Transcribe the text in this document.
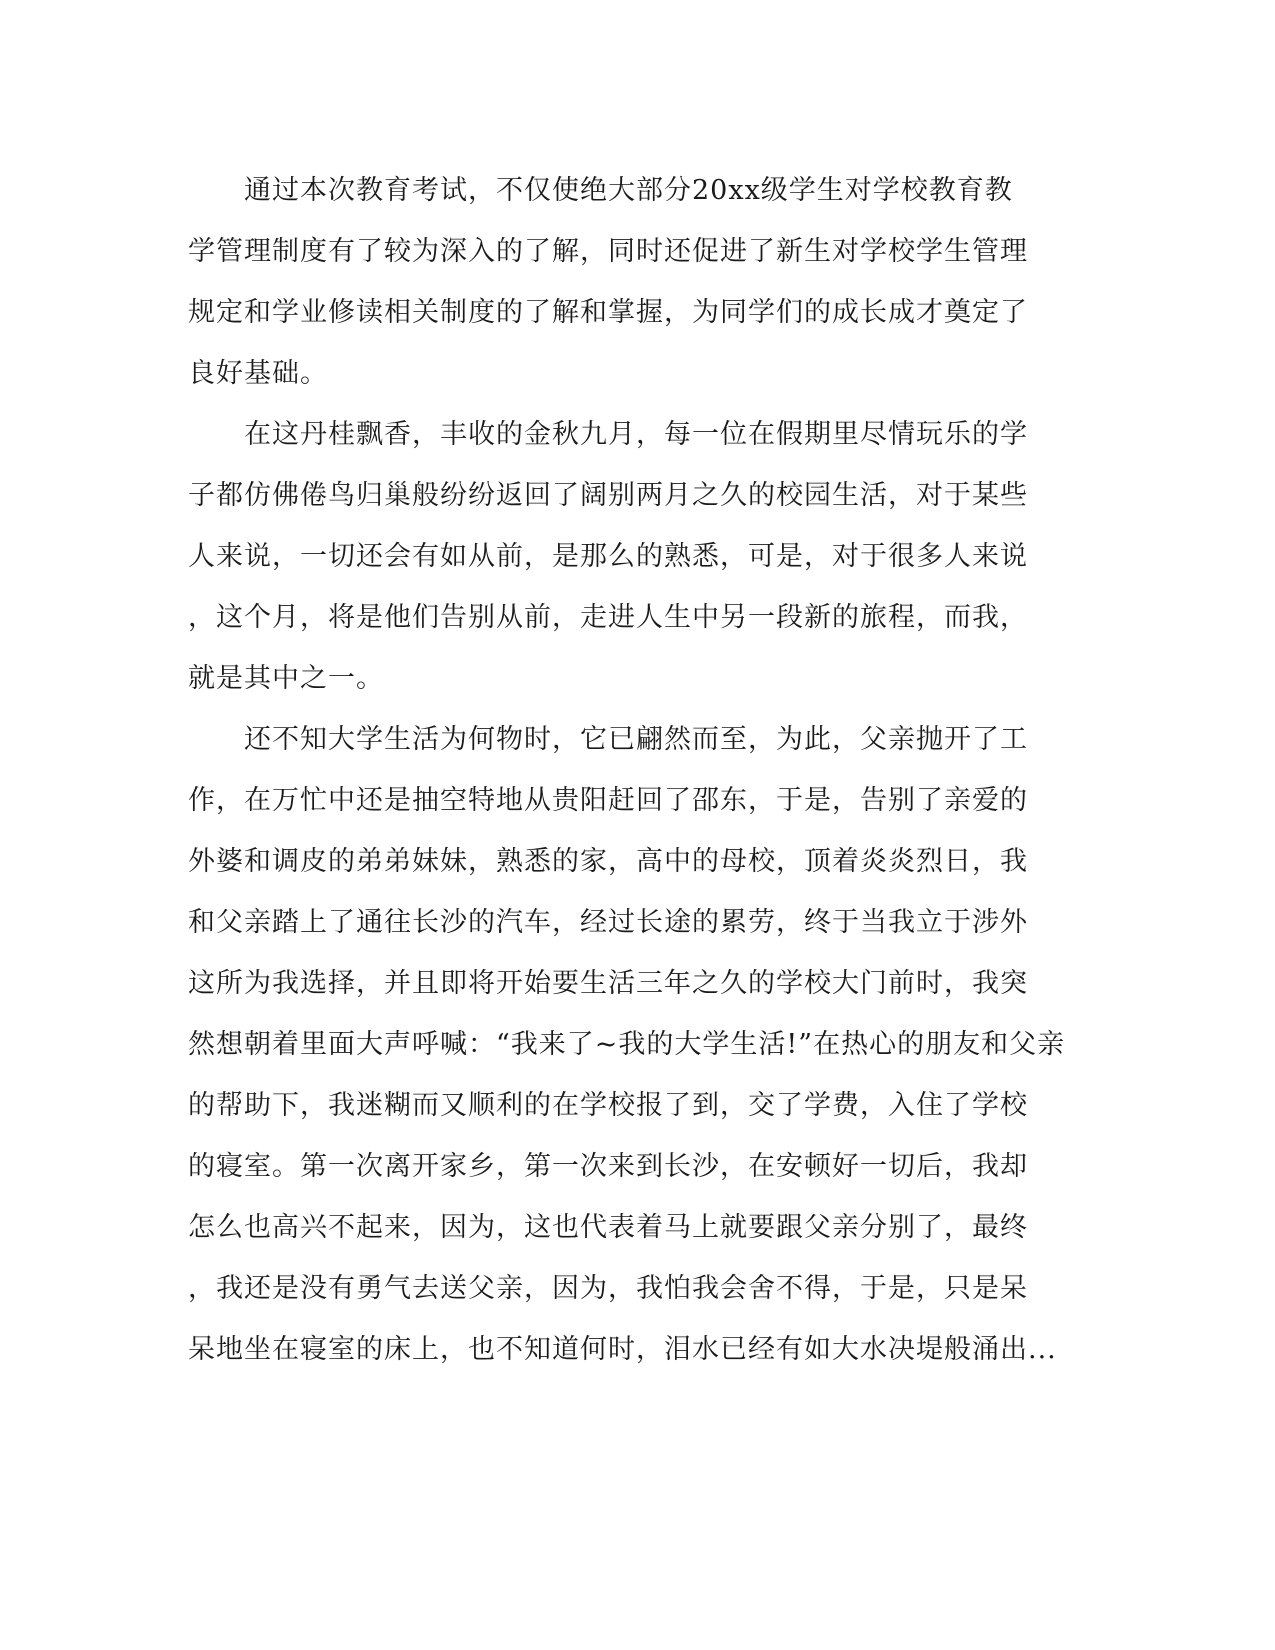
　　通过本次教育考试，不仅使绝大部分20xx级学生对学校教育教
学管理制度有了较为深入的了解，同时还促进了新生对学校学生管理
规定和学业修读相关制度的了解和掌握，为同学们的成长成才奠定了
良好基础。
　　在这丹桂飘香，丰收的金秋九月，每一位在假期里尽情玩乐的学
子都仿佛倦鸟归巢般纷纷返回了阔别两月之久的校园生活，对于某些
人来说，一切还会有如从前，是那么的熟悉，可是，对于很多人来说
，这个月，将是他们告别从前，走进人生中另一段新的旅程，而我，
就是其中之一。
　　还不知大学生活为何物时，它已翩然而至，为此，父亲抛开了工
作，在万忙中还是抽空特地从贵阳赶回了邵东，于是，告别了亲爱的
外婆和调皮的弟弟妹妹，熟悉的家，高中的母校，顶着炎炎烈日，我
和父亲踏上了通往长沙的汽车，经过长途的累劳，终于当我立于涉外
这所为我选择，并且即将开始要生活三年之久的学校大门前时，我突
然想朝着里面大声呼喊：“我来了~我的大学生活!”在热心的朋友和父亲
的帮助下，我迷糊而又顺利的在学校报了到，交了学费，入住了学校
的寝室。第一次离开家乡，第一次来到长沙，在安顿好一切后，我却
怎么也高兴不起来，因为，这也代表着马上就要跟父亲分别了，最终
，我还是没有勇气去送父亲，因为，我怕我会舍不得，于是，只是呆
呆地坐在寝室的床上，也不知道何时，泪水已经有如大水决堤般涌出...
